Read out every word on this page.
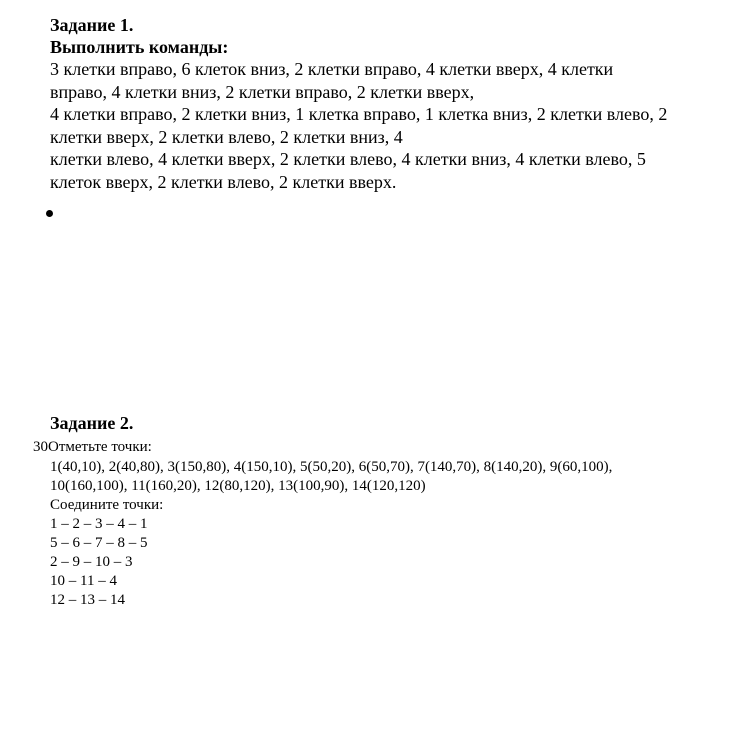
Задание 1.
Выполнить команды:
3 клетки вправо, 6 клеток вниз, 2 клетки вправо, 4 клетки вверх, 4 клетки
вправо, 4 клетки вниз, 2 клетки вправо, 2 клетки вверх,
4 клетки вправо, 2 клетки вниз, 1 клетка вправо, 1 клетка вниз, 2 клетки влево, 2
клетки вверх, 2 клетки влево, 2 клетки вниз, 4
клетки влево, 4 клетки вверх, 2 клетки влево, 4 клетки вниз, 4 клетки влево, 5
клеток вверх, 2 клетки влево, 2 клетки вверх.
Задание 2.
30Отметьте точки:
1(40,10), 2(40,80), 3(150,80), 4(150,10), 5(50,20), 6(50,70), 7(140,70), 8(140,20), 9(60,100),
10(160,100), 11(160,20), 12(80,120), 13(100,90), 14(120,120)
Соедините точки:
1 – 2 – 3 – 4 – 1
5 – 6 – 7 – 8 – 5
2 – 9 – 10 – 3
10 – 11 – 4
12 – 13 – 14
